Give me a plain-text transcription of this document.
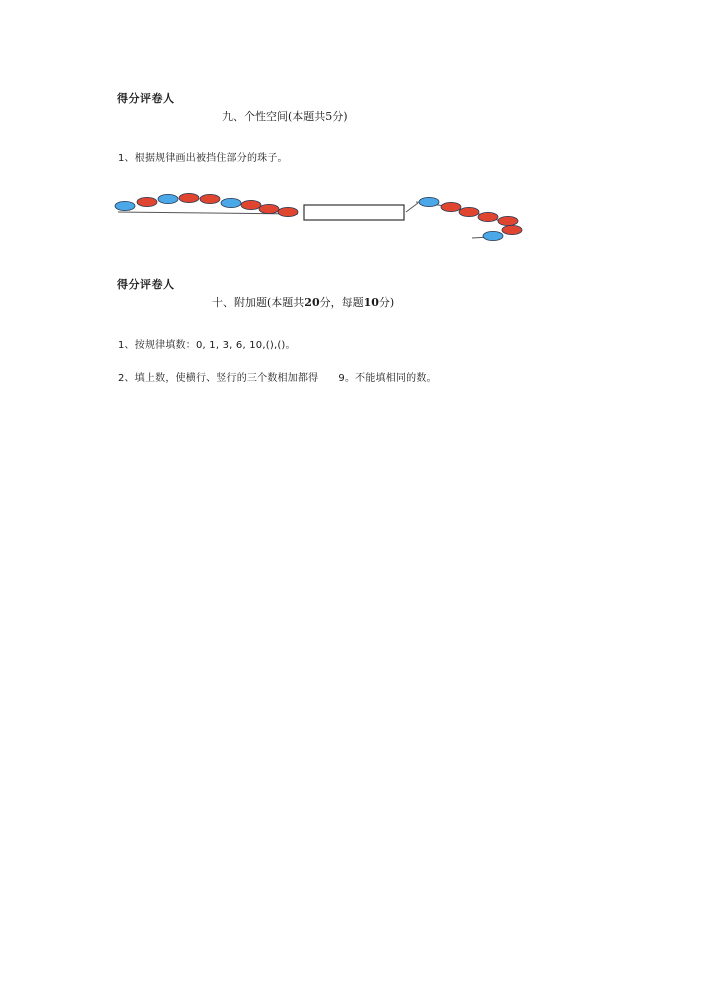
得分评卷人
九、个性空间(本题共5分)
1、根据规律画出被挡住部分的珠子。
得分评卷人
十、附加题(本题共20分，每题10分)
1、按规律填数：0, 1, 3, 6, 10,(),()。
2、填上数，使横行、竖行的三个数相加都得 9。不能填相同的数。
